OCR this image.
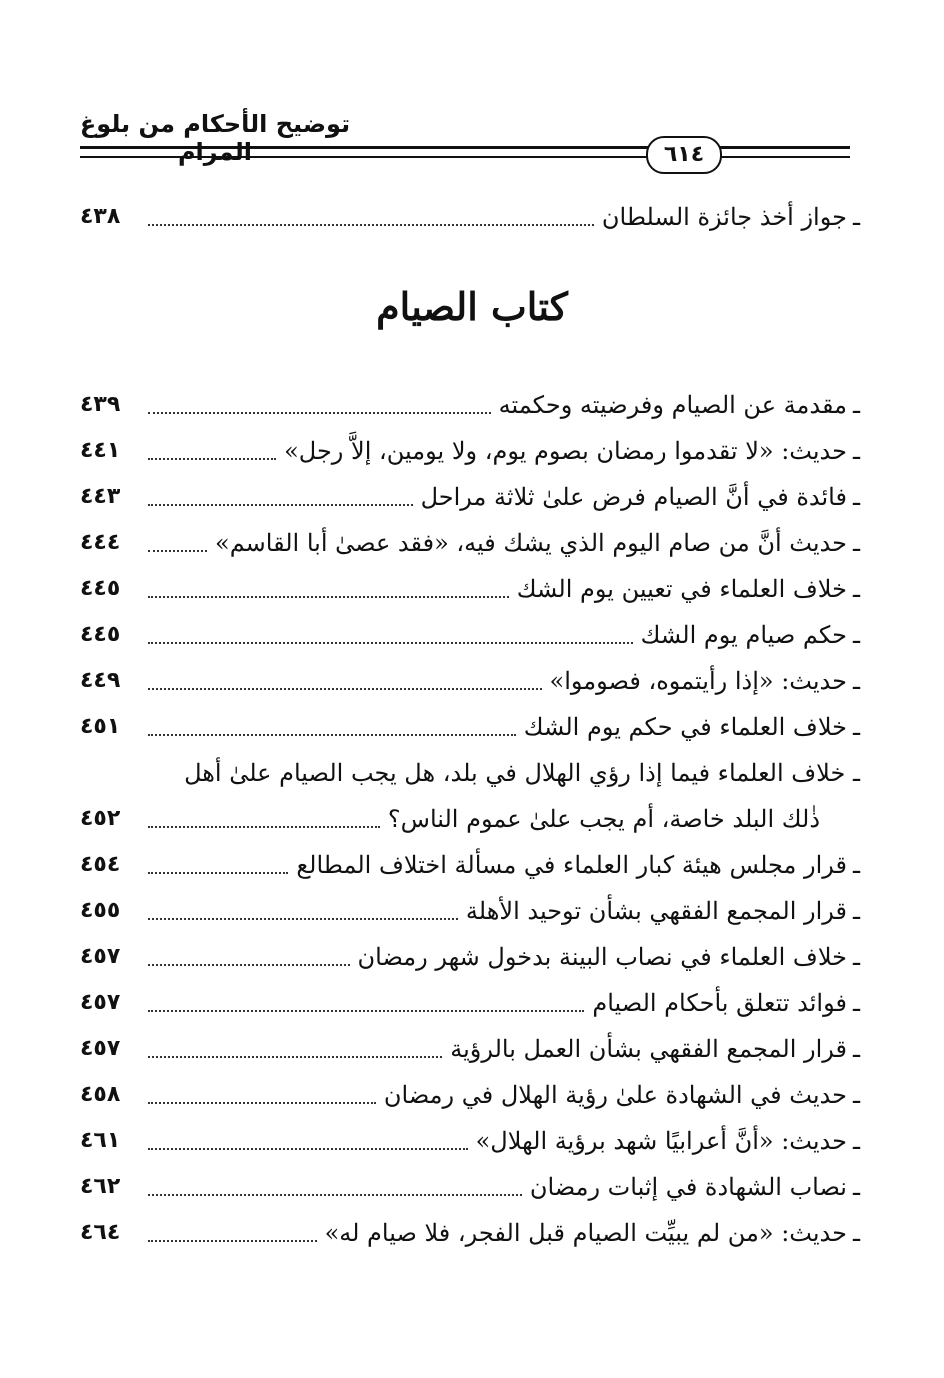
توضيح الأحكام من بلوغ المرام	٦١٤
ـ
جواز أخذ جائزة السلطان
٤٣٨
كتاب الصيام
ـ
مقدمة عن الصيام وفرضيته وحكمته
٤٣٩
ـ
حديث: «لا تقدموا رمضان بصوم يوم، ولا يومين، إلاَّ رجل»
٤٤١
ـ
فائدة في أنَّ الصيام فرض علىٰ ثلاثة مراحل
٤٤٣
ـ
حديث أنَّ من صام اليوم الذي يشك فيه، «فقد عصىٰ أبا القاسم»
٤٤٤
ـ
خلاف العلماء في تعيين يوم الشك
٤٤٥
ـ
حكم صيام يوم الشك
٤٤٥
ـ
حديث: «إذا رأيتموه، فصوموا»
٤٤٩
ـ
خلاف العلماء في حكم يوم الشك
٤٥١
ـ خلاف العلماء فيما إذا رؤي الهلال في بلد، هل يجب الصيام علىٰ أهل
ذٰلك البلد خاصة، أم يجب علىٰ عموم الناس؟
٤٥٢
ـ
قرار مجلس هيئة كبار العلماء في مسألة اختلاف المطالع
٤٥٤
ـ
قرار المجمع الفقهي بشأن توحيد الأهلة
٤٥٥
ـ
خلاف العلماء في نصاب البينة بدخول شهر رمضان
٤٥٧
ـ
فوائد تتعلق بأحكام الصيام
٤٥٧
ـ
قرار المجمع الفقهي بشأن العمل بالرؤية
٤٥٧
ـ
حديث في الشهادة علىٰ رؤية الهلال في رمضان
٤٥٨
ـ
حديث: «أنَّ أعرابيًا شهد برؤية الهلال»
٤٦١
ـ
نصاب الشهادة في إثبات رمضان
٤٦٢
ـ
حديث: «من لم يبيِّت الصيام قبل الفجر، فلا صيام له»
٤٦٤
